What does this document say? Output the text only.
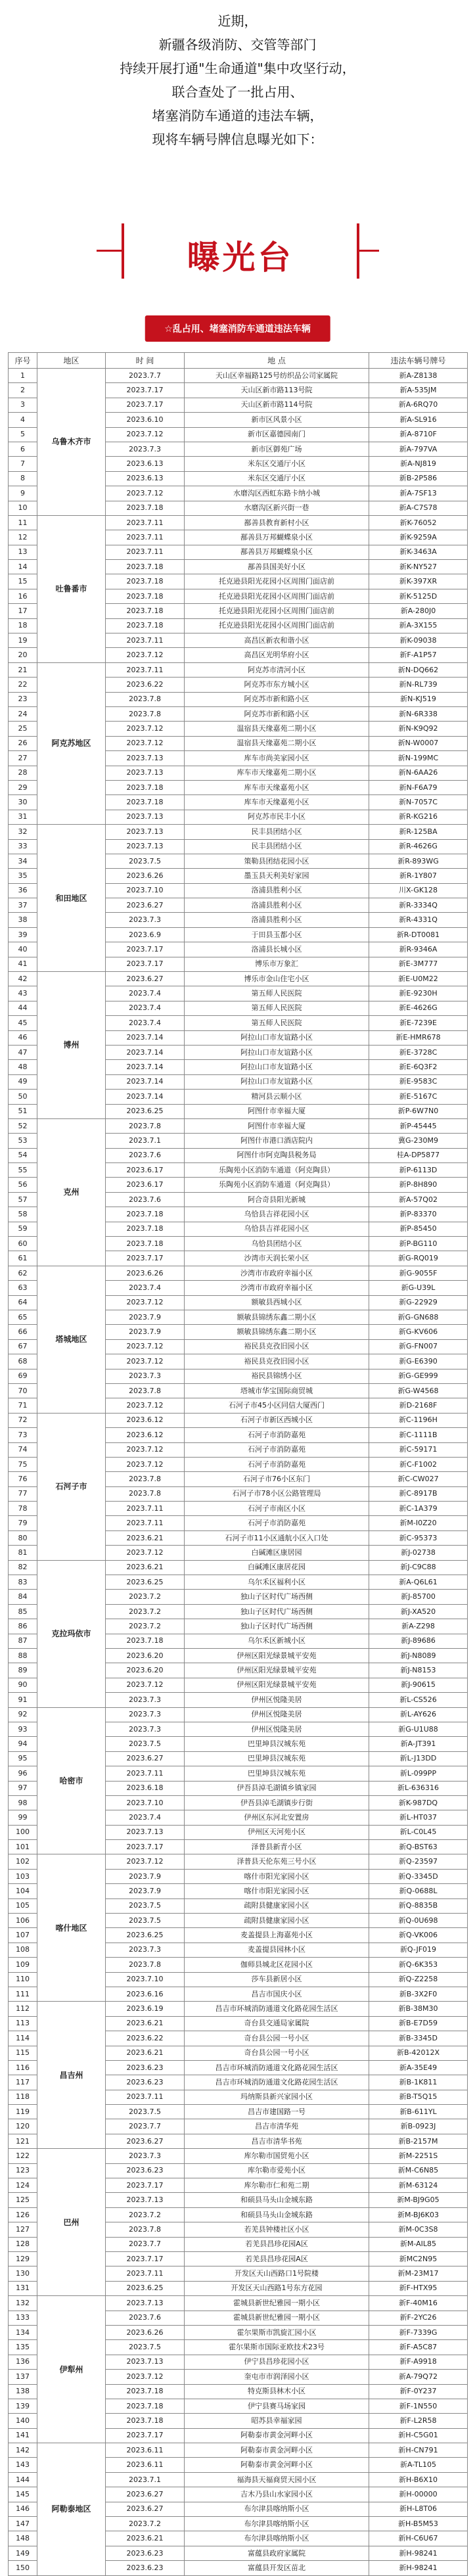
近期，

新疆各级消防、交管等部门

持续开展打通"生命通道"集中攻坚行动，

联合查处了一批占用、

堵塞消防车通道的违法车辆，

现将车辆号牌信息曝光如下：

曝光台
☆乱占用、堵塞消防车通道违法车辆
序号	地区	时 间	地 点	违法车辆号牌号
1	乌鲁木齐市	2023.7.7	天山区幸福路125号纺织品公司家属院	新A-Z8138
2		2023.7.17	天山区新市路113号院	新A-535JM
3		2023.7.17	天山区新市路114号院	新A-6RQ70
4		2023.6.10	新市区风景小区	新A-SL916
5		2023.7.12	新市区嘉德园南门	新A-8710F
6		2023.7.3	新市区御苑广场	新A-797VA
7		2023.6.13	米东区交通厅小区	新A-NJ819
8		2023.6.13	米东区交通厅小区	新B-2P586
9		2023.7.12	水磨沟区西虹东路卡纳小城	新A-7SF13
10		2023.7.18	水磨沟区新兴街一巷	新A-C7S78
11	吐鲁番市	2023.7.11	鄯善县教育新村小区	新K-76052
12		2023.7.11	鄯善县万邦蝴蝶泉小区	新K-9259A
13		2023.7.11	鄯善县万邦蝴蝶泉小区	新K-3463A
14		2023.7.18	鄯善县国美好小区	新K-NY527
15		2023.7.18	托克逊县阳光花园小区周围门面店前	新K-397XR
16		2023.7.18	托克逊县阳光花园小区周围门面店前	新K-5125D
17		2023.7.18	托克逊县阳光花园小区周围门面店前	新A-280J0
18		2023.7.18	托克逊县阳光花园小区周围门面店前	新A-3X155
19		2023.7.11	高昌区新农和谐小区	新K-09038
20		2023.7.12	高昌区光明华府小区	新F-A1P57
21	阿克苏地区	2023.7.11	阿克苏市清河小区	新N-DQ662
22		2023.6.22	阿克苏市东方城小区	新N-RL739
23		2023.7.8	阿克苏市新和路小区	新N-KJ519
24		2023.7.8	阿克苏市新和路小区	新N-6R338
25		2023.7.12	温宿县天缘嘉苑二期小区	新N-K9Q92
26		2023.7.12	温宿县天缘嘉苑二期小区	新N-W0007
27		2023.7.13	库车市尚美家园小区	新N-199MC
28		2023.7.13	库车市天缘嘉苑二期小区	新N-6AA26
29		2023.7.18	库车市天缘嘉苑小区	新N-F6A79
30		2023.7.18	库车市天缘嘉苑小区	新N-7057C
31		2023.7.13	阿克苏市民丰小区	新R-KG216
32	和田地区	2023.7.13	民丰县团结小区	新R-125BA
33		2023.7.13	民丰县团结小区	新R-4626G
34		2023.7.5	策勒县团结花园小区	新R-893WG
35		2023.6.26	墨玉县天利美好家园	新R-1Y807
36		2023.7.10	洛浦县胜利小区	川X-GK128
37		2023.6.27	洛浦县胜利小区	新R-3334Q
38		2023.7.3	洛浦县胜利小区	新R-4331Q
39		2023.6.9	于田县玉都小区	新R-DT0081
40		2023.7.17	洛浦县长城小区	新R-9346A
41		2023.7.17	博乐市万象汇	新E-3M777
42	博州	2023.6.27	博乐市金山住宅小区	新E-U0M22
43		2023.7.4	第五师人民医院	新E-9230H
44		2023.7.4	第五师人民医院	新E-4626G
45		2023.7.4	第五师人民医院	新E-7239E
46		2023.7.14	阿拉山口市友谊路小区	新E-HMR678
47		2023.7.14	阿拉山口市友谊路小区	新E-3728C
48		2023.7.14	阿拉山口市友谊路小区	新E-6Q3F2
49		2023.7.14	阿拉山口市友谊路小区	新E-9583C
50		2023.7.14	精河县云顺小区	新E-5167C
51		2023.6.25	阿图什市幸福大厦	新P-6W7N0
52	克州	2023.7.8	阿图什市幸福大厦	新P-45445
53		2023.7.1	阿图什市港口酒店院内	冀G-230M9
54		2023.7.6	阿图什市阿克陶县税务局	桂A-DP5877
55		2023.6.17	乐陶苑小区消防车通道（阿克陶县）	新P-6113D
56		2023.6.17	乐陶苑小区消防车通道（阿克陶县）	新P-8H890
57		2023.7.6	阿合奇县阳光新城	新A-57Q02
58		2023.7.18	乌恰县吉祥花园小区	新P-83370
59		2023.7.18	乌恰县吉祥花园小区	新P-85450
60		2023.7.18	乌恰县团结小区	新P-BG110
61		2023.7.17	沙湾市天润长荣小区	新G-RQ019
62	塔城地区	2023.6.26	沙湾市市政府幸福小区	新G-9055F
63		2023.7.4	沙湾市市政府幸福小区	新G-U39L
64		2023.7.12	额敏县西城小区	新G-22929
65		2023.7.9	额敏县锦绣东鑫二期小区	新G-GN688
66		2023.7.9	额敏县锦绣东鑫二期小区	新G-KV606
67		2023.7.12	裕民县克孜旧园小区	新G-FN007
68		2023.7.12	裕民县克孜旧园小区	新G-E6390
69		2023.7.3	裕民县锦绣小区	新G-GE999
70		2023.7.8	塔城市华宝国际商贸城	新G-W4568
71		2023.7.12	石河子市45小区同信大厦西门	新D-2168F
72	石河子市	2023.6.12	石河子市新区西城小区	新C-1196H
73		2023.6.12	石河子市消防嘉苑	新C-1111B
74		2023.7.12	石河子市消防嘉苑	新C-59171
75		2023.7.12	石河子市消防嘉苑	新C-F1002
76		2023.7.8	石河子市76小区东门	新C-CW027
77		2023.7.8	石河子市78小区公路管理局	新C-8917B
78		2023.7.11	石河子市南区小区	新C-1A379
79		2023.7.11	石河子市消防嘉苑	新M-I0Z20
80		2023.6.21	石河子市11小区通航小区入口处	新C-95373
81		2023.7.12	白碱滩区康居园	新J-02738
82	克拉玛依市	2023.6.21	白碱滩区康居花园	新J-C9C88
83		2023.6.25	乌尔禾区福利小区	新A-Q6L61
84		2023.7.2	独山子区时代广场西侧	新J-85700
85		2023.7.2	独山子区时代广场西侧	新J-XA520
86		2023.7.2	独山子区时代广场西侧	新A-Z298
87		2023.7.18	乌尔禾区新城小区	新J-89686
88		2023.6.20	伊州区阳光绿景城平安苑	新J-N8089
89		2023.6.20	伊州区阳光绿景城平安苑	新J-N8153
90		2023.7.12	伊州区阳光绿景城平安苑	新J-90615
91		2023.7.3	伊州区悦隆美居	新L-CS526
92	哈密市	2023.7.3	伊州区悦隆美居	新L-AY626
93		2023.7.3	伊州区悦隆美居	新G-U1U88
94		2023.7.5	巴里坤县汉城东苑	新A-JT391
95		2023.6.27	巴里坤县汉城东苑	新L-J13DD
96		2023.7.11	巴里坤县汉城东苑	新L-099PP
97		2023.6.18	伊吾县淖毛湖镇乡镇家园	新L-636316
98		2023.7.10	伊吾县淖毛湖镇步行街	新K-987DQ
99		2023.7.4	伊州区东河北安置房	新L-HT037
100		2023.7.13	伊州区天河苑小区	新L-C0L45
101		2023.7.17	泽普县新青小区	新Q-BST63
102	喀什地区	2023.7.12	泽普县天伦东苑三号小区	新Q-23597
103		2023.7.9	喀什市阳光家园小区	新Q-3345D
104		2023.7.9	喀什市阳光家园小区	新Q-0688L
105		2023.7.5	疏附县健康家园小区	新Q-8835B
106		2023.7.5	疏附县健康家园小区	新Q-0U698
107		2023.6.25	麦盖提县上海嘉苑小区	新Q-VK006
108		2023.7.3	麦盖提县园林小区	新Q-JF019
109		2023.7.8	伽师县城北区花园小区	新Q-6K353
110		2023.7.10	莎车县新居小区	新Q-Z2258
111		2023.6.16	昌吉市国庆小区	新B-3X2F0
112	昌吉州	2023.6.19	昌吉市环城消防通道文化路花园生活区	新B-38M30
113		2023.6.21	奇台县交通局家属院	新B-E7D59
114		2023.6.22	奇台县公园一号小区	新B-3345D
115		2023.6.21	奇台县公园一号小区	新B-42012X
116		2023.6.23	昌吉市环城消防通道文化路花园生活区	新A-35E49
117		2023.6.23	昌吉市环城消防通道文化路花园生活区	新B-1K811
118		2023.7.11	玛纳斯县新兴家园小区	新B-T5Q15
119		2023.7.5	昌吉市建国路一号	新B-611YL
120		2023.7.7	昌吉市清华苑	新B-0923J
121		2023.6.27	昌吉市清华书苑	新B-2157M
122	巴州	2023.7.3	库尔勒市国贸苑小区	新M-2251S
123		2023.6.23	库尔勒市爱苑小区	新M-C6N85
124		2023.7.17	库尔勒市仁和苑二期	新M-63124
125		2023.7.13	和硕县马头山金城东路	新M-BJ9G05
126		2023.7.2	和硕县马头山金城东路	新M-BJ6K03
127		2023.7.8	若羌县钟楼社区小区	新M-0C3S8
128		2023.7.7	若羌县昌珍花园A区	新M-AIL85
129		2023.7.17	若羌县昌珍花园A区	新MC2N95
130		2023.7.11	开发区天山西路口1号院楼	新M-23M17
131		2023.6.25	开发区天山西路1号东方花园	新F-HTX95
132	伊犁州	2023.7.13	霍城县新世纪雅园一期小区	新F-40M16
133		2023.7.6	霍城县新世纪雅园一期小区	新F-2YC26
134		2023.6.26	霍尔果斯市凯旋汇园小区	新F-7339G
135		2023.7.5	霍尔果斯市国际亚欧技术23号	新F-A5C87
136		2023.7.13	伊宁县昌珍花园小区	新F-A9918
137		2023.7.12	奎屯市市润泽园小区	新A-79Q72
138		2023.7.18	特克斯县林木小区	新F-0Y237
139		2023.7.18	伊宁县赛马场家园	新F-1N550
140		2023.7.18	昭苏县幸福家园	新F-L2R58
141		2023.7.17	阿勒泰市黄金河畔小区	新H-C5G01
142	阿勒泰地区	2023.6.11	阿勒泰市黄金河畔小区	新H-CN791
143		2023.6.11	阿勒泰市黄金河畔小区	新A-TL105
144		2023.7.1	福海县天福商贸天园小区	新H-B6X10
145		2023.6.27	吉木乃县山水家园小区	新H-00000
146		2023.6.27	布尔津县喀纳斯小区	新H-L8T06
147		2023.7.2	布尔津县喀纳斯小区	新H-B5M53
148		2023.6.21	布尔津县喀纳斯小区	新H-C6U67
149		2023.6.23	富蕴县政府家属院	新H-98241
150		2023.6.23	富蕴县开发区苗北	新H-98241
